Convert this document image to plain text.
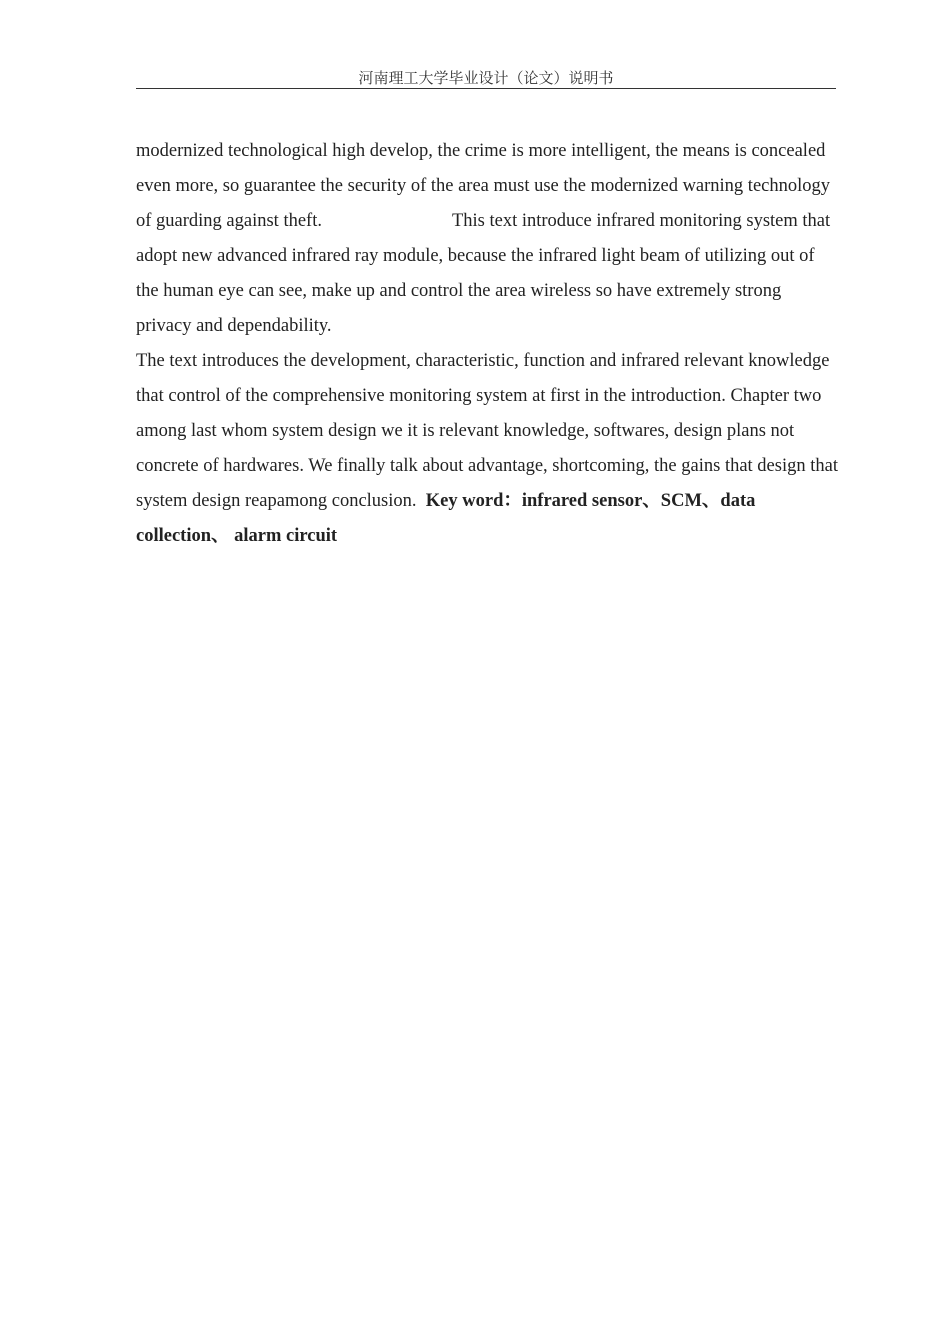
河南理工大学毕业设计（论文）说明书

modernized technological high develop, the crime is more intelligent, the means is concealed even more, so guarantee the security of the area must use the modernized warning technology of guarding against theft.	This text introduce infrared monitoring system that adopt new advanced infrared ray module, because the infrared light beam of utilizing out of the human eye can see, make up and control the area wireless so have extremely strong privacy and dependability.

The text introduces the development, characteristic, function and infrared relevant knowledge that control of the comprehensive monitoring system at first in the introduction. Chapter two among last whom system design we it is relevant knowledge, softwares, design plans not concrete of hardwares. We finally talk about advantage, shortcoming, the gains that design that system design reapamong conclusion. Key word：infrared sensor、SCM、data collection、 alarm circuit
